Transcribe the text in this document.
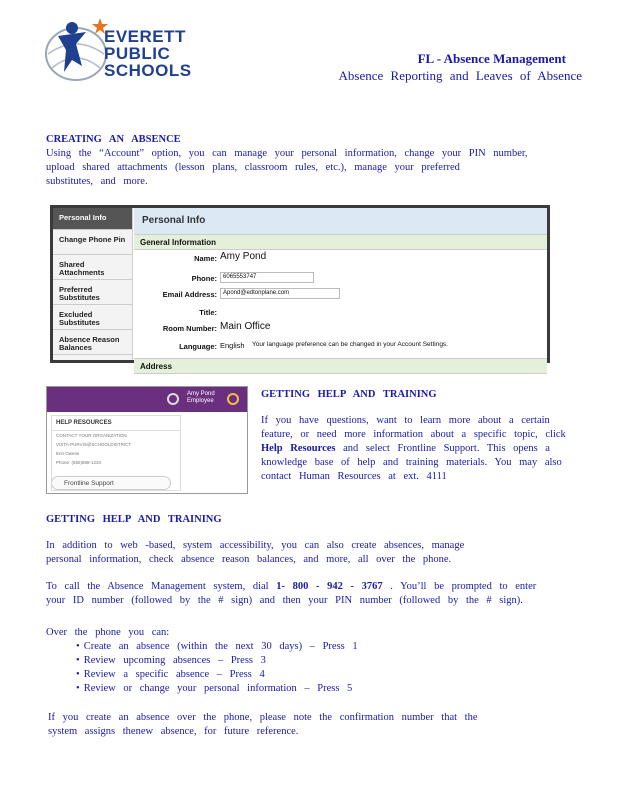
EVERETT
PUBLIC
SCHOOLS
FL - Absence Management
Absence Reporting and Leaves of Absence
CREATING AN ABSENCE
Using the “Account” option, you can manage your personal information, change your PIN number,
upload shared attachments (lesson plans, classroom rules, etc.), manage your preferred
substitutes, and more.
Personal Info
Change Phone Pin
Shared Attachments
Preferred Substitutes
Excluded Substitutes
Absence Reason Balances
Personal Info
General Information
Name: Amy Pond
Phone:	6065553747
Email Address:	Apond@edtonplane.com
Title:
Room Number: Main Office
Language: English Your language preference can be changed in your Account Settings.
Address
Amy Pond
Employee
HELP RESOURCES
CONTACT YOUR ORGANIZATION
VISTA-PURVIS@SCHOOLDISTRICT
Erin Owens
Phone: (555)888-1234
Frontline Support
GETTING HELP AND TRAINING
If you have questions, want to learn more about a certain
feature, or need more information about a specific topic, click
Help Resources and select Frontline Support. This opens a
knowledge base of help and training materials. You may also
contact Human Resources at ext. 4111
GETTING HELP AND TRAINING
In addition to web -based, system accessibility, you can also create absences, manage
personal information, check absence reason balances, and more, all over the phone.
To call the Absence Management system, dial 1- 800 - 942 - 3767 . You’ll be prompted to enter
your ID number (followed by the # sign) and then your PIN number (followed by the # sign).
Over the phone you can:
• Create an absence (within the next 30 days) – Press 1
• Review upcoming absences – Press 3
• Review a specific absence – Press 4
• Review or change your personal information – Press 5
If you create an absence over the phone, please note the confirmation number that the
system assigns thenew absence, for future reference.
